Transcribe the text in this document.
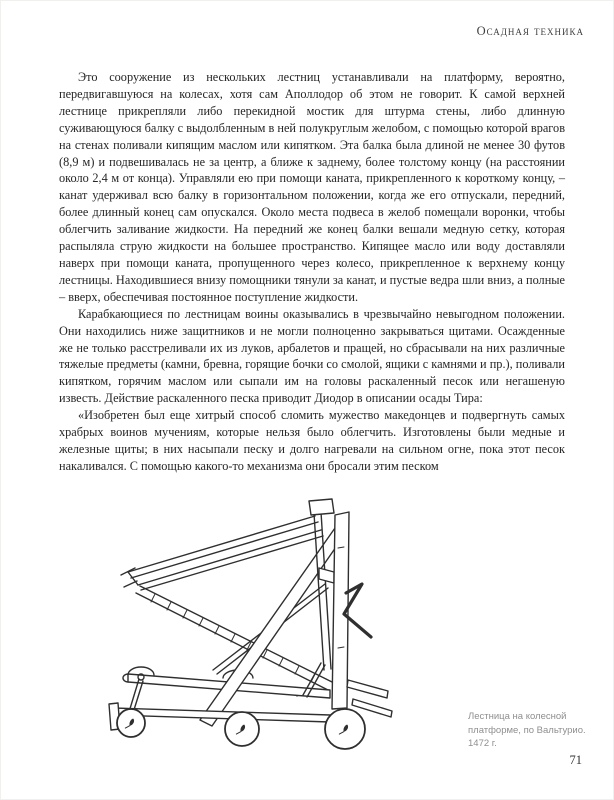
Осадная техника

Это сооружение из нескольких лестниц устанавливали на платформу, вероятно, передвигавшуюся на колесах, хотя сам Аполлодор об этом не говорит. К самой верхней лестнице прикрепляли либо перекидной мостик для штурма стены, либо длинную суживающуюся балку с выдолбленным в ней полукруглым желобом, с помощью которой врагов на стенах поливали кипящим маслом или кипятком. Эта балка была длиной не менее 30 футов (8,9 м) и подвешивалась не за центр, а ближе к заднему, более толстому концу (на расстоянии около 2,4 м от конца). Управляли ею при помощи каната, прикрепленного к короткому концу, – канат удерживал всю балку в горизонтальном положении, когда же его отпускали, передний, более длинный конец сам опускался. Около места подвеса в желоб помещали воронки, чтобы облегчить заливание жидкости. На передний же конец балки вешали медную сетку, которая распыляла струю жидкости на большее пространство. Кипящее масло или воду доставляли наверх при помощи каната, пропущенного через колесо, прикрепленное к верхнему концу лестницы. Находившиеся внизу помощники тянули за канат, и пустые ведра шли вниз, а полные – вверх, обеспечивая постоянное поступление жидкости.

Карабкающиеся по лестницам воины оказывались в чрезвычайно невыгодном положении. Они находились ниже защитников и не могли полноценно закрываться щитами. Осажденные же не только расстреливали их из луков, арбалетов и пращей, но сбрасывали на них различные тяжелые предметы (камни, бревна, горящие бочки со смолой, ящики с камнями и пр.), поливали кипятком, горячим маслом или сыпали им на головы раскаленный песок или негашеную известь. Действие раскаленного песка приводит Диодор в описании осады Тира:

«Изобретен был еще хитрый способ сломить мужество македонцев и подвергнуть самых храбрых воинов мучениям, которые нельзя было облегчить. Изготовлены были медные и железные щиты; в них насыпали песку и долго нагревали на сильном огне, пока этот песок накаливался. С помощью какого-то механизма они бросали этим песком

Лестница на колесной
платформе, по Вальтурио.
1472 г.
71
